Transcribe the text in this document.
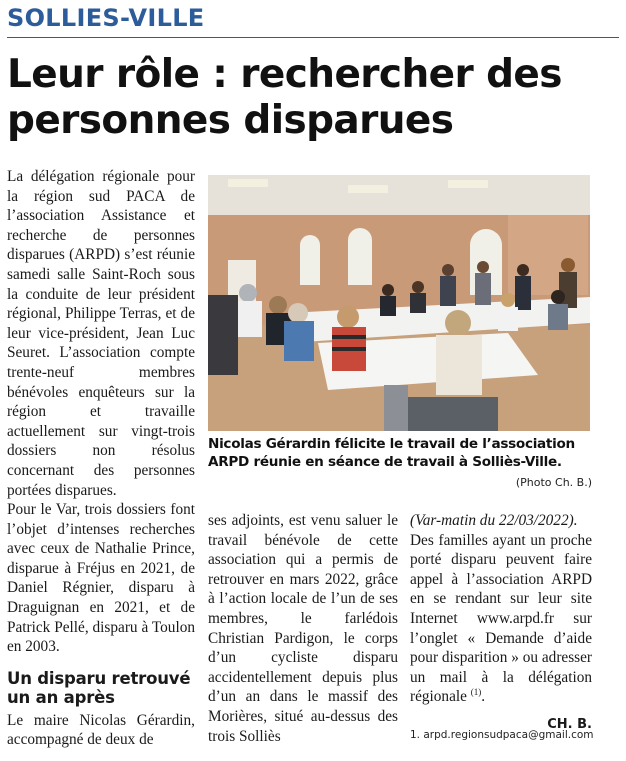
SOLLIES-VILLE
Leur rôle : rechercher des personnes disparues

La délégation régionale pour la région sud PACA de l’association Assistance et recherche de personnes disparues (ARPD) s’est réunie samedi salle Saint-Roch sous la conduite de leur président régional, Philippe Terras, et de leur vice-président, Jean Luc Seuret. L’association compte trente-neuf membres bénévoles enquêteurs sur la région et travaille actuellement sur vingt-trois dossiers non résolus concernant des personnes portées disparues.

Pour le Var, trois dossiers font l’objet d’intenses recherches avec ceux de Nathalie Prince, disparue à Fréjus en 2021, de Daniel Régnier, disparu à Draguignan en 2021, et de Patrick Pellé, disparu à Toulon en 2003.

Un disparu retrouvé un an après

Le maire Nicolas Gérardin, accompagné de deux de

Nicolas Gérardin félicite le travail de l’association ARPD réunie en séance de travail à Solliès-Ville.
(Photo Ch. B.)

ses adjoints, est venu saluer le travail bénévole de cette association qui a permis de retrouver en mars 2022, grâce à l’action locale de l’un de ses membres, le farlédois Christian Pardigon, le corps d’un cycliste disparu accidentellement depuis plus d’un an dans le massif des Morières, situé au-dessus des trois Solliès

(Var-matin du 22/03/2022).

Des familles ayant un proche porté disparu peuvent faire appel à l’association ARPD en se rendant sur leur site Internet www.arpd.fr sur l’onglet « Demande d’aide pour disparition » ou adresser un mail à la délégation régionale $^{(1)}$.

CH. B.

1. arpd.regionsudpaca@gmail.com
